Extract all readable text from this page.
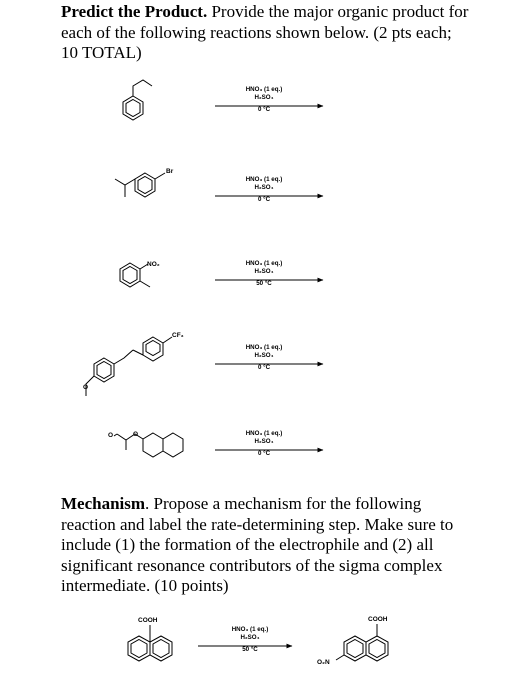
Predict the Product. Provide the major organic product for each of the following reactions shown below. (2 pts each; 10 TOTAL)

Mechanism. Propose a mechanism for the following reaction and label the rate-determining step. Make sure to include (1) the formation of the electrophile and (2) all significant resonance contributors of the sigma complex intermediate. (10 points)

HNO₃ (1 eq.)
H₂SO₄
0 °C
HNO₃ (1 eq.)
H₂SO₄
0 °C
HNO₃ (1 eq.)
H₂SO₄
50 °C
HNO₃ (1 eq.)
H₂SO₄
0 °C
HNO₃ (1 eq.)
H₂SO₄
0 °C
HNO₃ (1 eq.)
H₂SO₄
50 °C
Br
NO₂
CF₃
O
O	O
COOH	COOH
O₂N
